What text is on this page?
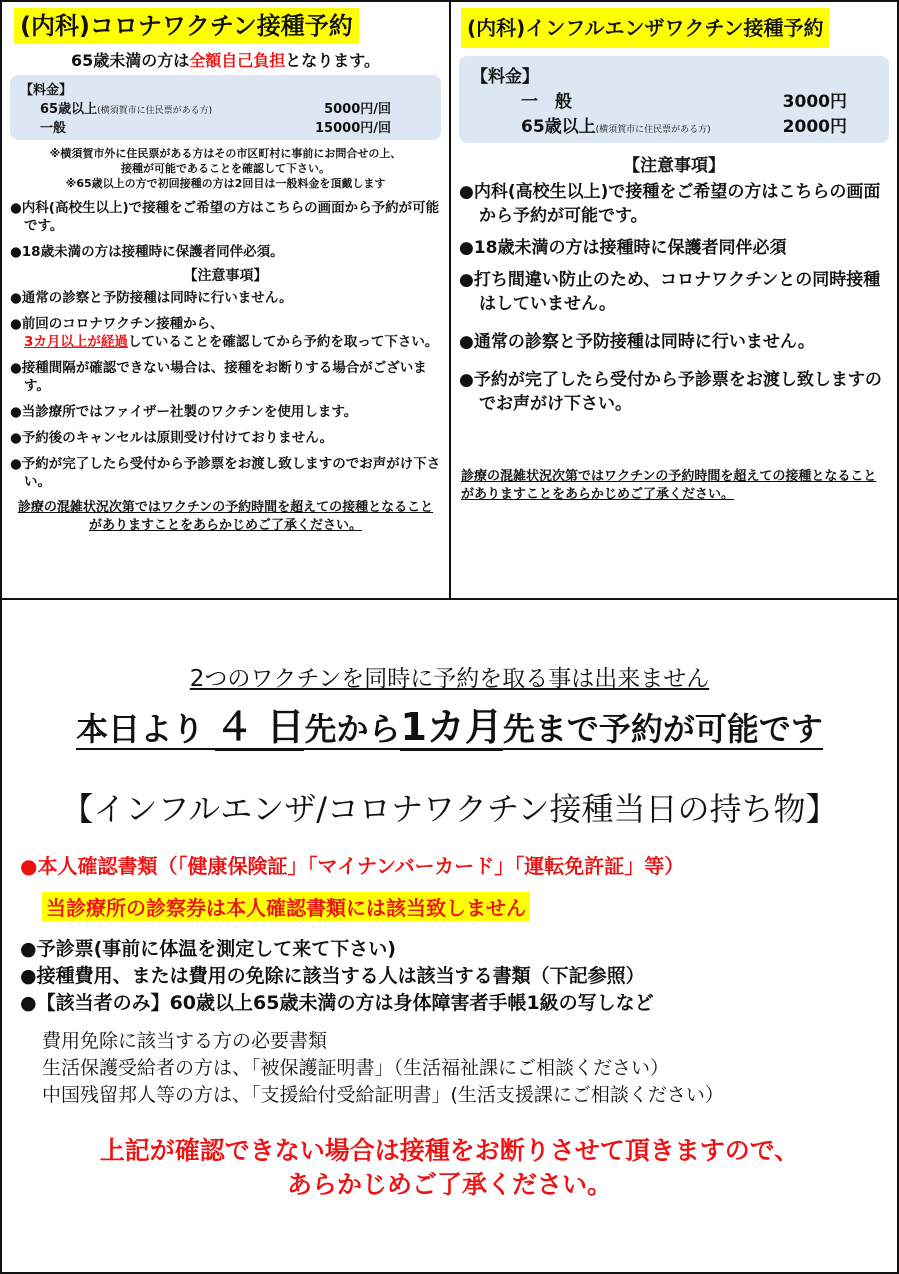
(内科)コロナワクチン接種予約
65歳未満の方は全額自己負担となります。
【料金】
65歳以上(横須賀市に住民票がある方)	5000円/回
一般	15000円/回
※横須賀市外に住民票がある方はその市区町村に事前にお問合せの上、
接種が可能であることを確認して下さい。
※65歳以上の方で初回接種の方は2回目は一般料金を頂戴します
●内科(高校生以上)で接種をご希望の方はこちらの画面から予約が可能です。
●18歳未満の方は接種時に保護者同伴必須。
【注意事項】
●通常の診察と予防接種は同時に行いません。
●前回のコロナワクチン接種から、
3カ月以上が経過していることを確認してから予約を取って下さい。
●接種間隔が確認できない場合は、接種をお断りする場合がございます。
●当診療所ではファイザー社製のワクチンを使用します。
●予約後のキャンセルは原則受け付けておりません。
●予約が完了したら受付から予診票をお渡し致しますのでお声がけ下さい。
診療の混雑状況次第ではワクチンの予約時間を超えての接種となることがありますことをあらかじめご了承ください。
(内科)インフルエンザワクチン接種予約
【料金】
一　般	3000円
65歳以上(横須賀市に住民票がある方)	2000円
【注意事項】
●内科(高校生以上)で接種をご希望の方はこちらの画面から予約が可能です。
●18歳未満の方は接種時に保護者同伴必須
●打ち間違い防止のため、コロナワクチンとの同時接種はしていません。
●通常の診察と予防接種は同時に行いません。
●予約が完了したら受付から予診票をお渡し致しますのでお声がけ下さい。
診療の混雑状況次第ではワクチンの予約時間を超えての接種となることがありますことをあらかじめご了承ください。
2つのワクチンを同時に予約を取る事は出来ません
本日より ４ 日先から1カ月先まで予約が可能です
【インフルエンザ/コロナワクチン接種当日の持ち物】
●本人確認書類（「健康保険証」「マイナンバーカード」「運転免許証」等）
当診療所の診察券は本人確認書類には該当致しません
●予診票(事前に体温を測定して来て下さい)
●接種費用、または費用の免除に該当する人は該当する書類（下記参照）
●【該当者のみ】60歳以上65歳未満の方は身体障害者手帳1級の写しなど
費用免除に該当する方の必要書類
生活保護受給者の方は、「被保護証明書」（生活福祉課にご相談ください）
中国残留邦人等の方は、「支援給付受給証明書」(生活支援課にご相談ください）
上記が確認できない場合は接種をお断りさせて頂きますので、
あらかじめご了承ください。
